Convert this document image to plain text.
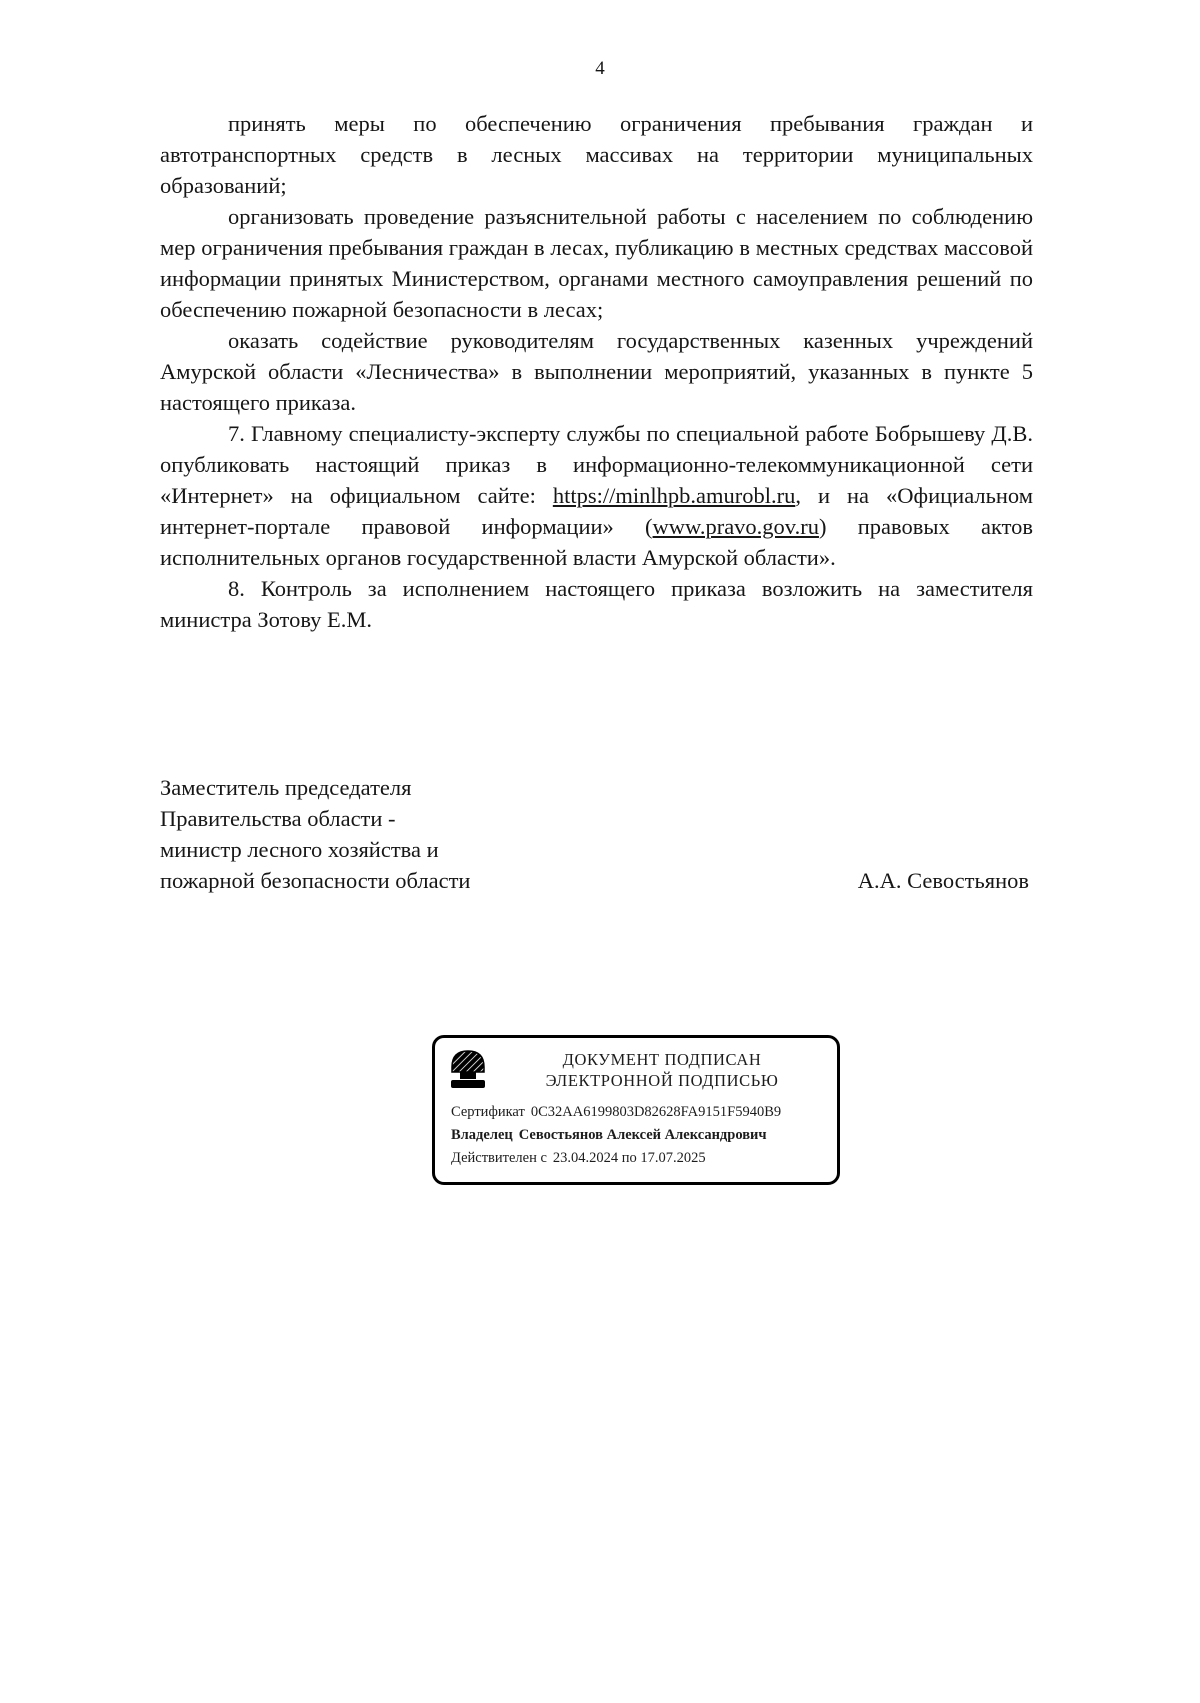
4

принять меры по обеспечению ограничения пребывания граждан и автотранспортных средств в лесных массивах на территории муниципальных образований;

организовать проведение разъяснительной работы с населением по соблюдению мер ограничения пребывания граждан в лесах, публикацию в местных средствах массовой информации принятых Министерством, органами местного самоуправления решений по обеспечению пожарной безопасности в лесах;

оказать содействие руководителям государственных казенных учреждений Амурской области «Лесничества» в выполнении мероприятий, указанных в пункте 5 настоящего приказа.

7. Главному специалисту-эксперту службы по специальной работе Бобрышеву Д.В. опубликовать настоящий приказ в информационно-телекоммуникационной сети «Интернет» на официальном сайте: https://minlhpb.amurobl.ru, и на «Официальном интернет-портале правовой информации» (www.pravo.gov.ru) правовых актов исполнительных органов государственной власти Амурской области».

8. Контроль за исполнением настоящего приказа возложить на заместителя министра Зотову Е.М.

Заместитель председателя
Правительства области -
министр лесного хозяйства и
пожарной безопасности области	А.А. Севостьянов
ДОКУМЕНТ ПОДПИСАН
ЭЛЕКТРОННОЙ ПОДПИСЬЮ
Сертификат 0C32AA6199803D82628FA9151F5940B9
Владелец Севостьянов Алексей Александрович
Действителен с 23.04.2024 по 17.07.2025
